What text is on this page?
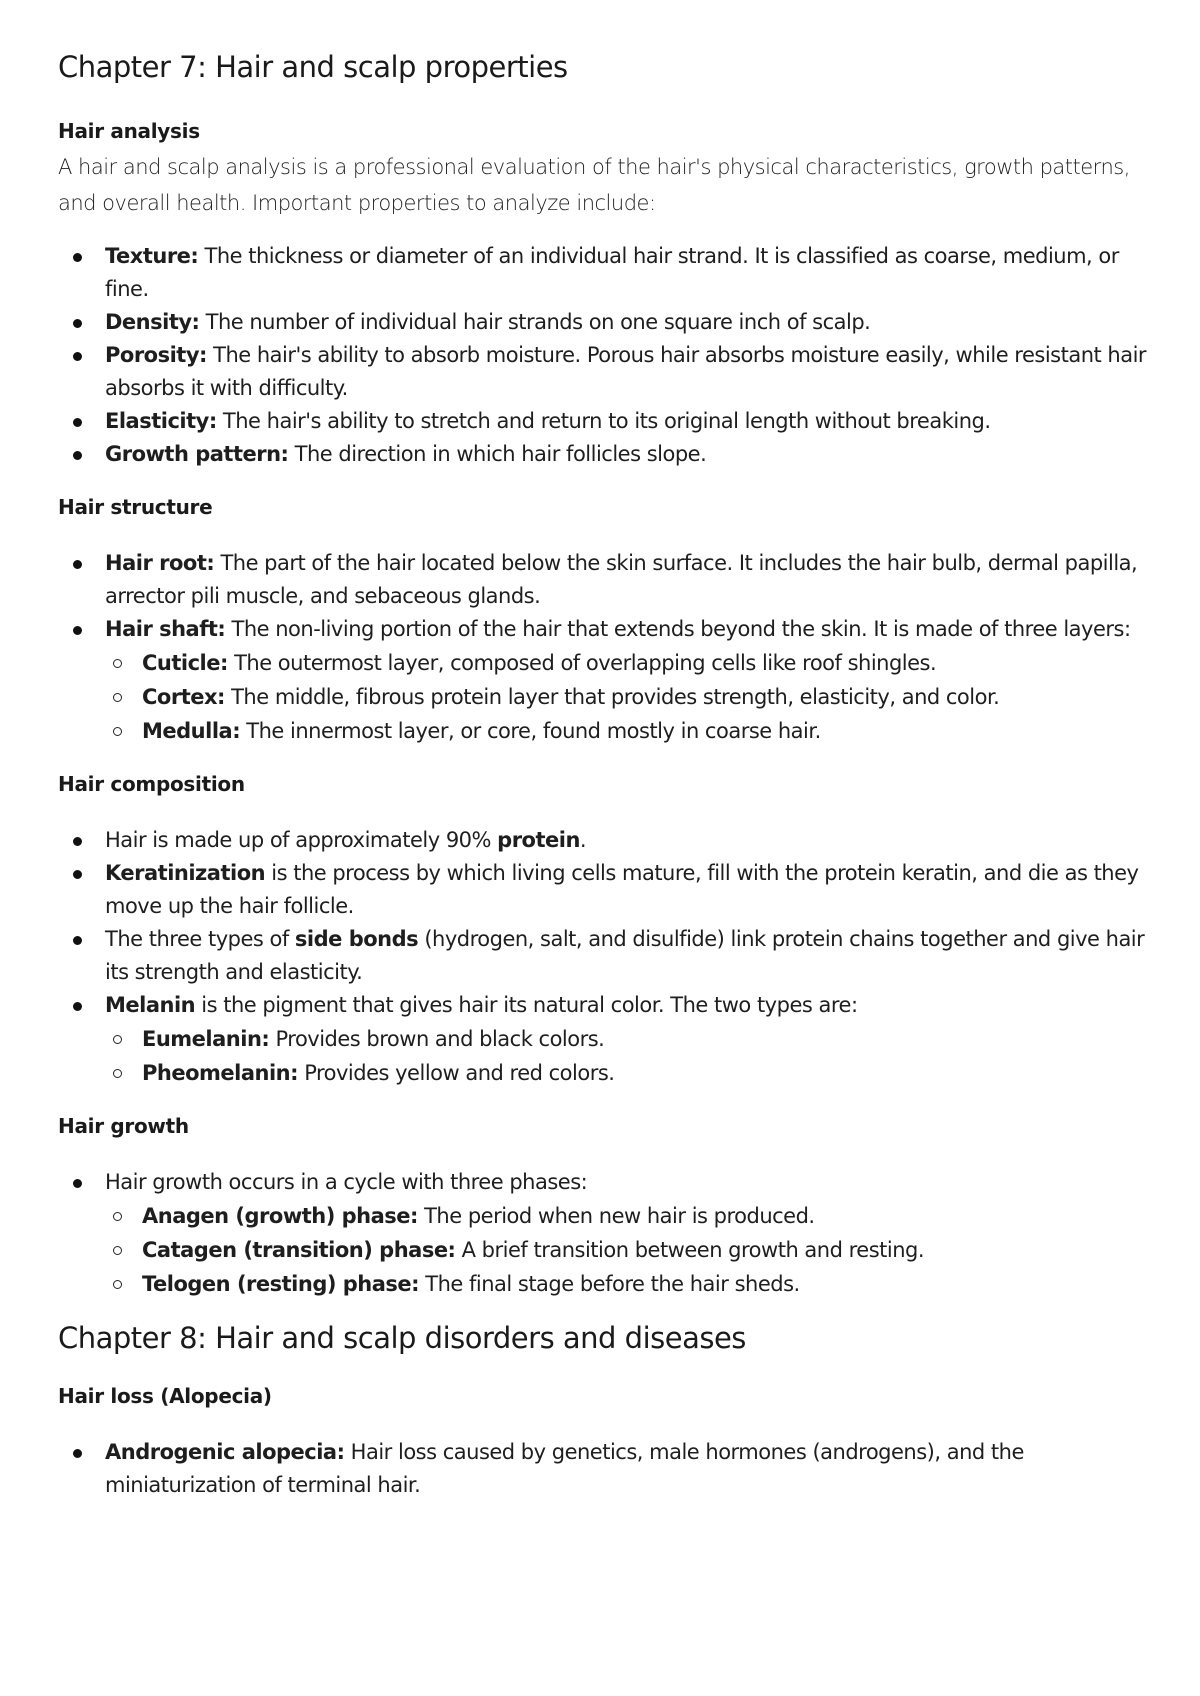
Chapter 7: Hair and scalp properties
Hair analysis

A hair and scalp analysis is a professional evaluation of the hair's physical characteristics, growth patterns, and overall health. Important properties to analyze include:

Texture: The thickness or diameter of an individual hair strand. It is classified as coarse, medium, or fine.
Density: The number of individual hair strands on one square inch of scalp.
Porosity: The hair's ability to absorb moisture. Porous hair absorbs moisture easily, while resistant hair absorbs it with difficulty.
Elasticity: The hair's ability to stretch and return to its original length without breaking.
Growth pattern: The direction in which hair follicles slope.
Hair structure
Hair root: The part of the hair located below the skin surface. It includes the hair bulb, dermal papilla, arrector pili muscle, and sebaceous glands.
Hair shaft: The non-living portion of the hair that extends beyond the skin. It is made of three layers:
Cuticle: The outermost layer, composed of overlapping cells like roof shingles.
Cortex: The middle, fibrous protein layer that provides strength, elasticity, and color.
Medulla: The innermost layer, or core, found mostly in coarse hair.
Hair composition
Hair is made up of approximately 90% protein.
Keratinization is the process by which living cells mature, fill with the protein keratin, and die as they move up the hair follicle.
The three types of side bonds (hydrogen, salt, and disulfide) link protein chains together and give hair its strength and elasticity.
Melanin is the pigment that gives hair its natural color. The two types are:
Eumelanin: Provides brown and black colors.
Pheomelanin: Provides yellow and red colors.
Hair growth
Hair growth occurs in a cycle with three phases:
Anagen (growth) phase: The period when new hair is produced.
Catagen (transition) phase: A brief transition between growth and resting.
Telogen (resting) phase: The final stage before the hair sheds.
Chapter 8: Hair and scalp disorders and diseases
Hair loss (Alopecia)
Androgenic alopecia: Hair loss caused by genetics, male hormones (androgens), and the miniaturization of terminal hair.
